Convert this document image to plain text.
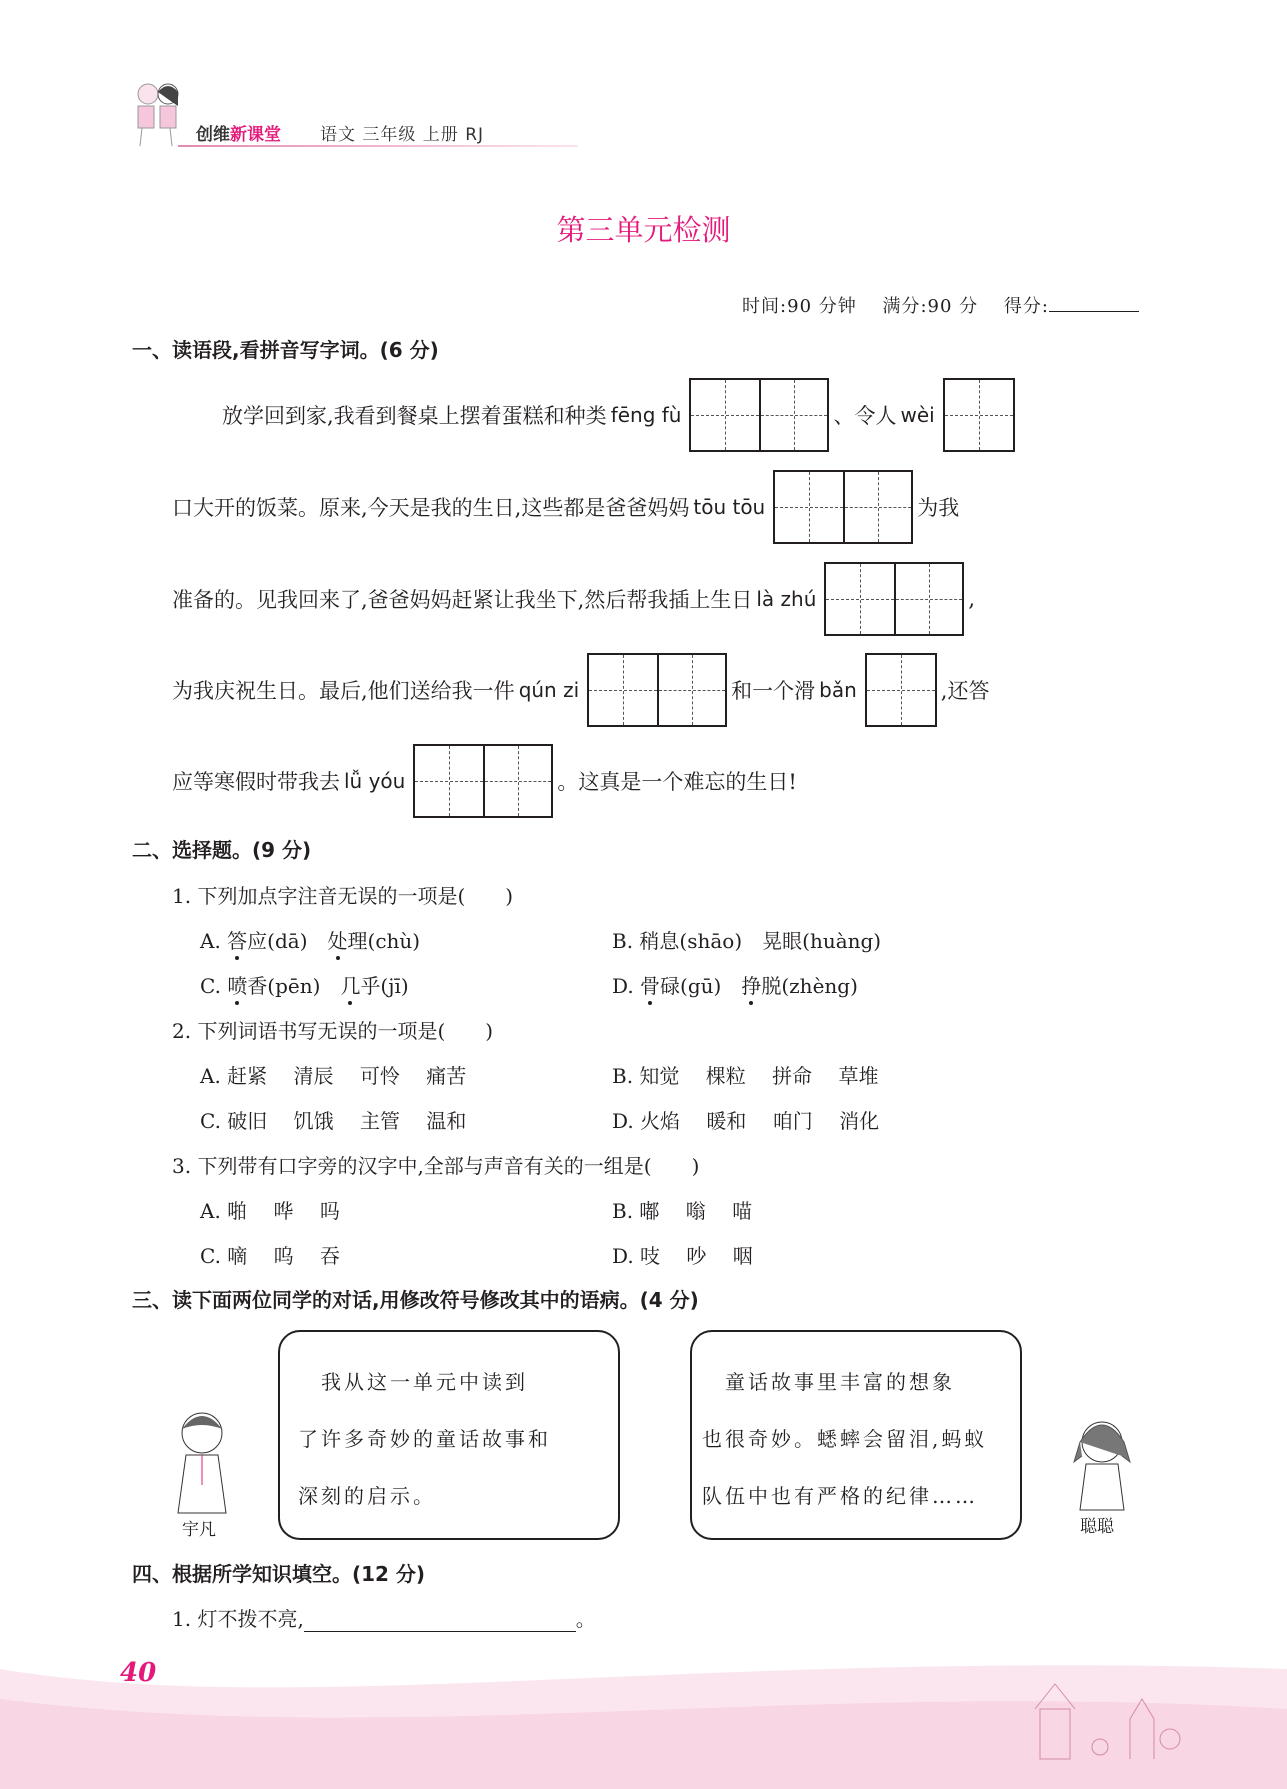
创维新课堂 语文 三年级 上册 RJ
第三单元检测
时间:90 分钟　 满分:90 分　 得分:
一、读语段,看拼音写字词。(6 分)
放学回到家,我看到餐桌上摆着蛋糕和种类 fēng fù	、令人 wèi
口大开的饭菜。原来,今天是我的生日,这些都是爸爸妈妈 tōu tōu	为我
准备的。见我回来了,爸爸妈妈赶紧让我坐下,然后帮我插上生日 là zhú	,
为我庆祝生日。最后,他们送给我一件 qún zi	和一个滑 bǎn	,还答
应等寒假时带我去 lǚ yóu	。这真是一个难忘的生日!
二、选择题。(9 分)
1. 下列加点字注音无误的一项是(　　)
A. 答应(dā)　处理(chù)	B. 稍息(shāo)　晃眼(huàng)
C. 喷香(pēn)　几乎(jī)	D. 骨碌(gū)　挣脱(zhèng)
2. 下列词语书写无误的一项是(　　)
A. 赶紧　 清辰　 可怜　 痛苦	B. 知觉　 棵粒　 拼命　 草堆
C. 破旧　 饥饿　 主管　 温和	D. 火焰　 暖和　 咱门　 消化
3. 下列带有口字旁的汉字中,全部与声音有关的一组是(　　)
A. 啪　 哗　 吗	B. 嘟　 嗡　 喵
C. 嘀　 呜　 吞	D. 吱　 吵　 咽
三、读下面两位同学的对话,用修改符号修改其中的语病。(4 分)
宇凡
　我从这一单元中读到
了许多奇妙的童话故事和
深刻的启示。
　童话故事里丰富的想象
也很奇妙。蟋蟀会留泪,蚂蚁
队伍中也有严格的纪律……
聪聪
四、根据所学知识填空。(12 分)
1. 灯不拨不亮,	。
40
